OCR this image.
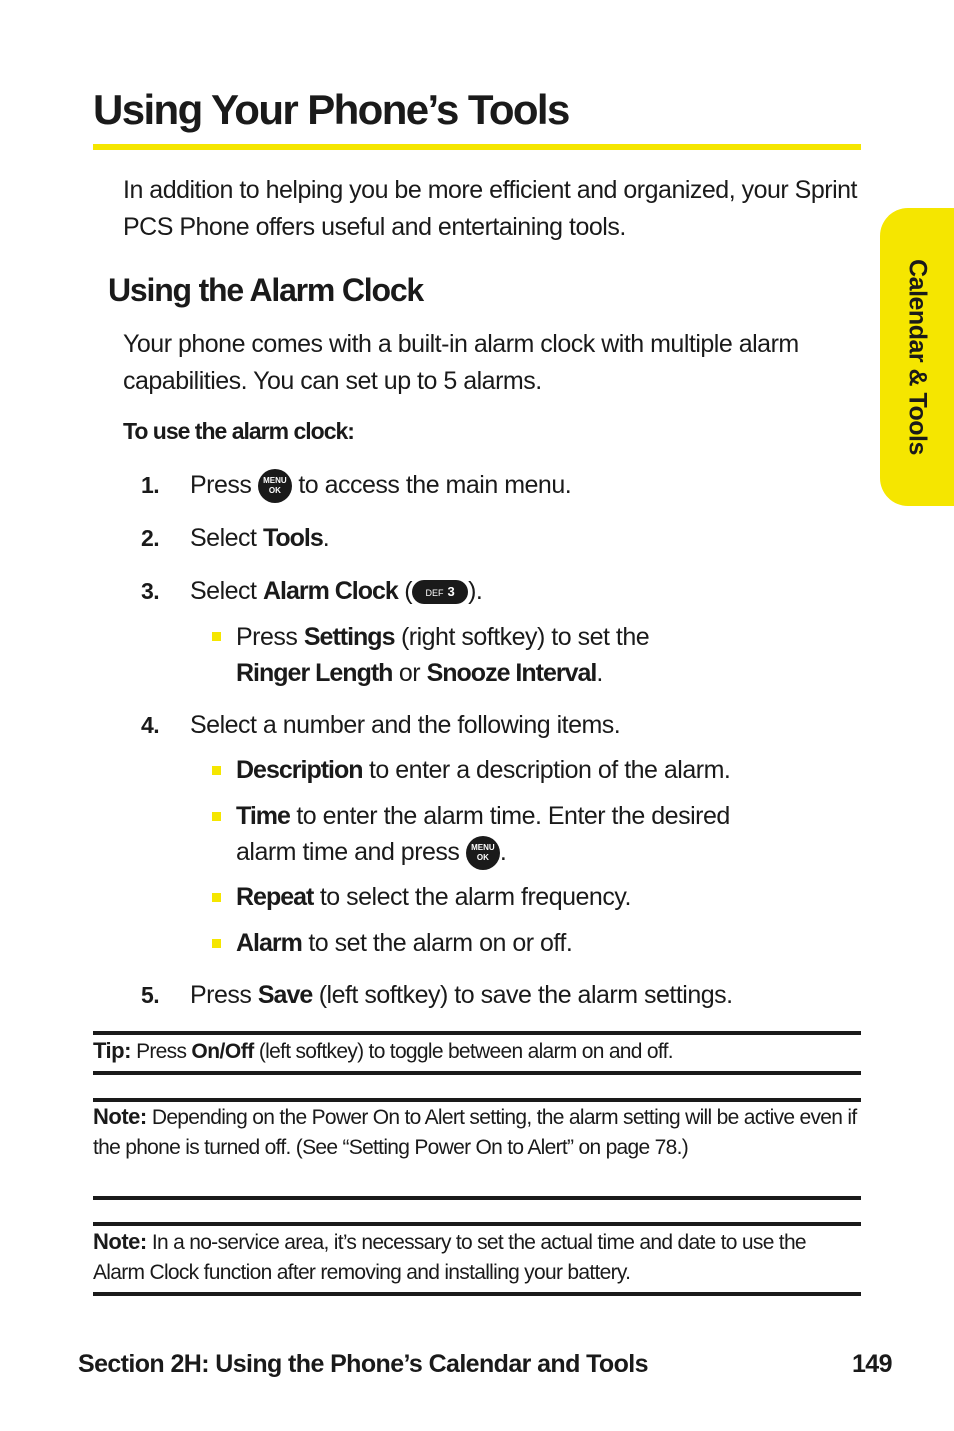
Using Your Phone’s Tools

In addition to helping you be more efficient and organized, your Sprint PCS Phone offers useful and entertaining tools.

Using the Alarm Clock

Your phone comes with a built-in alarm clock with multiple alarm capabilities. You can set up to 5 alarms.

To use the alarm clock:

1. Press MENU
OK to access the main menu.
2. Select Tools.
3. Select Alarm Clock ( DEF 3 ).
Press Settings (right softkey) to set the
Ringer Length or Snooze Interval.
4. Select a number and the following items.
Description to enter a description of the alarm.
Time to enter the alarm time. Enter the desired
alarm time and press MENU
OK .
Repeat to select the alarm frequency.
Alarm to set the alarm on or off.
5. Press Save (left softkey) to save the alarm settings.

Tip: Press On/Off (left softkey) to toggle between alarm on and off.

Note: Depending on the Power On to Alert setting, the alarm setting will be active even if the phone is turned off. (See “Setting Power On to Alert” on page 78.)

Note: In a no-service area, it’s necessary to set the actual time and date to use the Alarm Clock function after removing and installing your battery.

Calendar & Tools
Section 2H: Using the Phone’s Calendar and Tools	149
